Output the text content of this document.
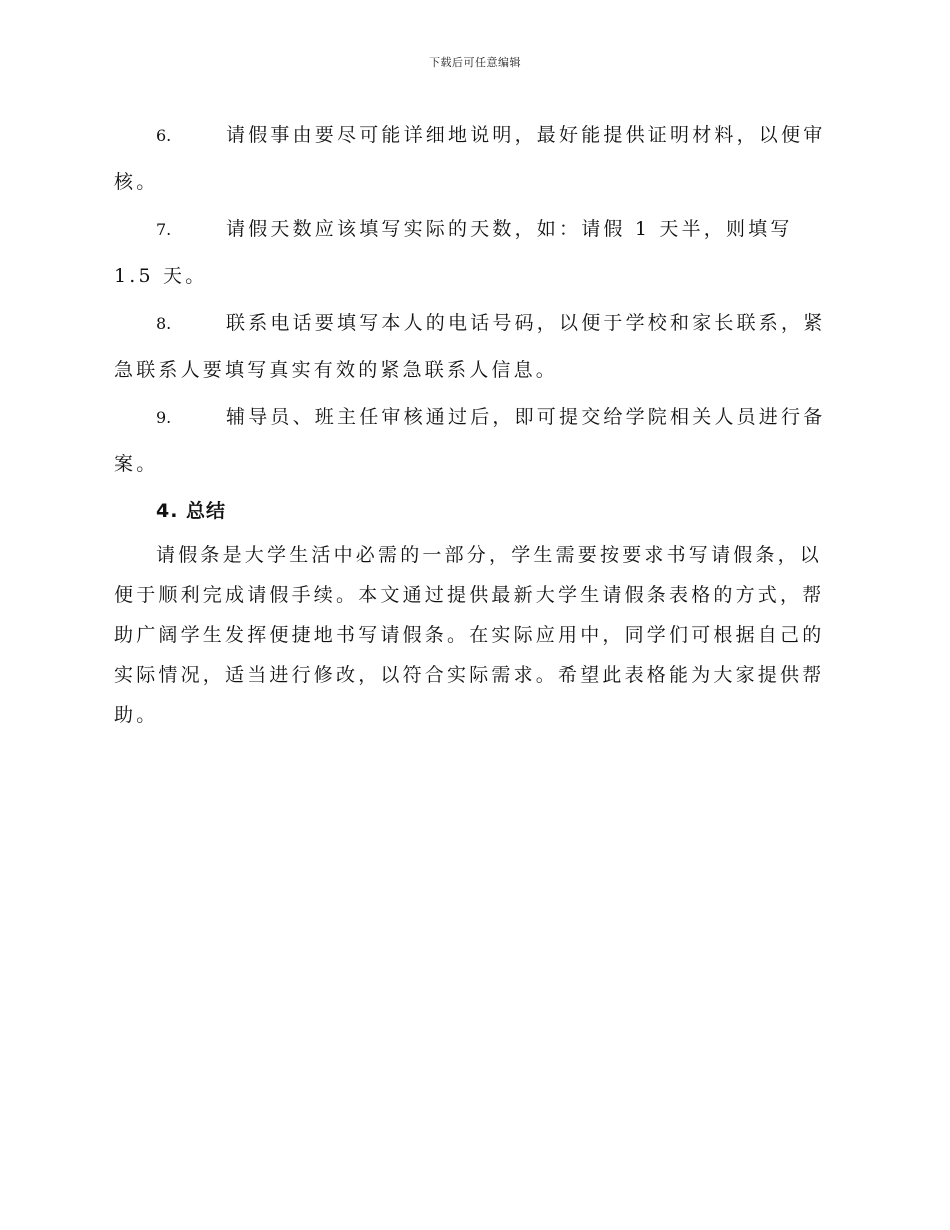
下载后可任意编辑
6.	请假事由要尽可能详细地说明，最好能提供证明材料，以便审核。
7.	请假天数应该填写实际的天数，如：请假 1 天半，则填写 1.5 天。
8.	联系电话要填写本人的电话号码，以便于学校和家长联系，紧急联系人要填写真实有效的紧急联系人信息。
9.	辅导员、班主任审核通过后，即可提交给学院相关人员进行备案。
4. 总结

请假条是大学生活中必需的一部分，学生需要按要求书写请假条，以便于顺利完成请假手续。本文通过提供最新大学生请假条表格的方式，帮助广阔学生发挥便捷地书写请假条。在实际应用中，同学们可根据自己的实际情况，适当进行修改，以符合实际需求。希望此表格能为大家提供帮助。
